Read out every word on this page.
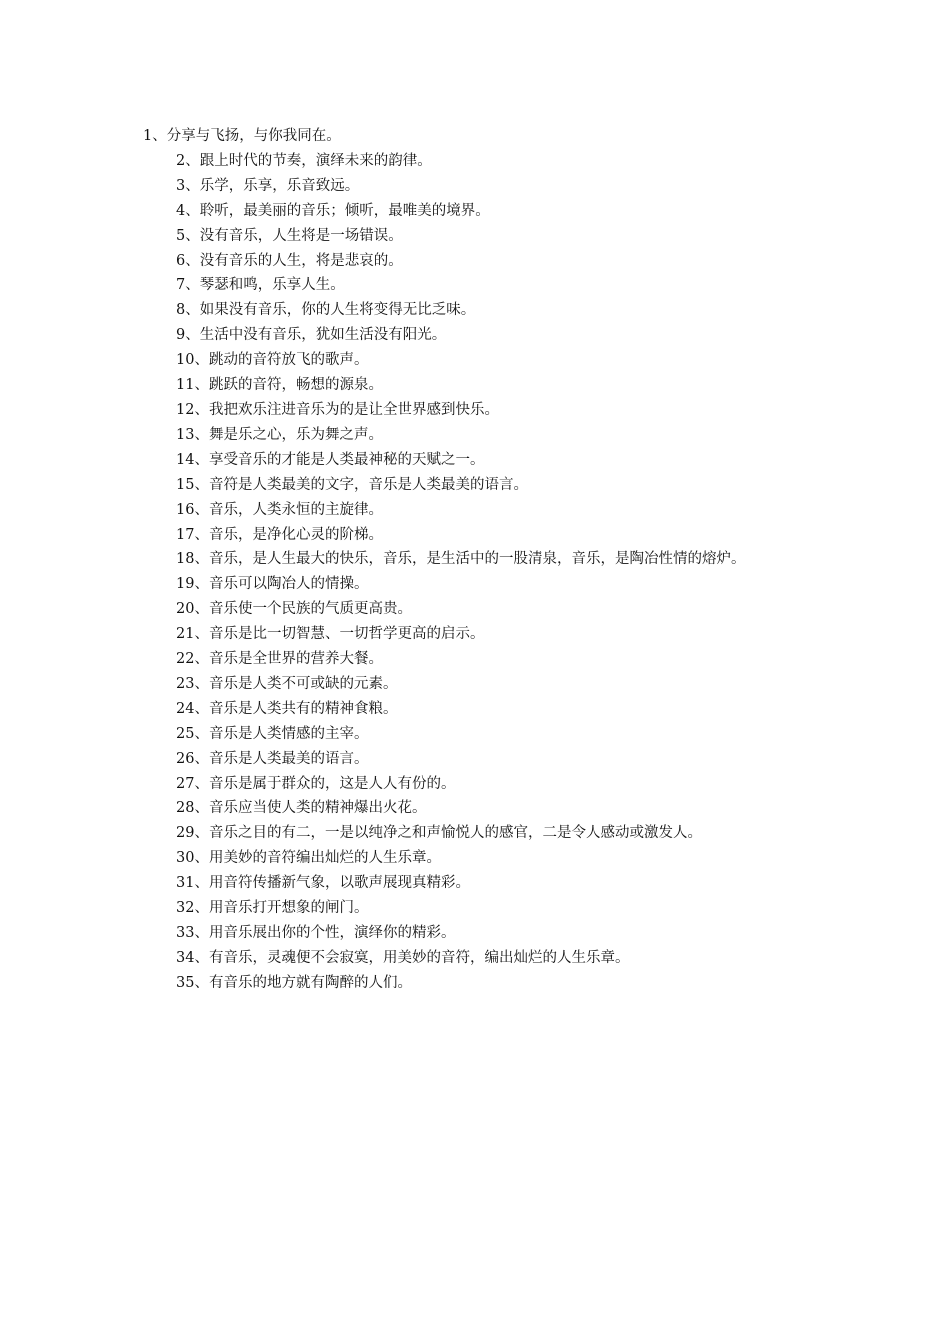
1、分享与飞扬，与你我同在。
2、跟上时代的节奏，演绎未来的韵律。
3、乐学，乐享，乐音致远。
4、聆听，最美丽的音乐；倾听，最唯美的境界。
5、没有音乐，人生将是一场错误。
6、没有音乐的人生，将是悲哀的。
7、琴瑟和鸣，乐享人生。
8、如果没有音乐，你的人生将变得无比乏味。
9、生活中没有音乐，犹如生活没有阳光。
10、跳动的音符放飞的歌声。
11、跳跃的音符，畅想的源泉。
12、我把欢乐注进音乐为的是让全世界感到快乐。
13、舞是乐之心，乐为舞之声。
14、享受音乐的才能是人类最神秘的天赋之一。
15、音符是人类最美的文字，音乐是人类最美的语言。
16、音乐，人类永恒的主旋律。
17、音乐，是净化心灵的阶梯。
18、音乐，是人生最大的快乐，音乐，是生活中的一股清泉，音乐，是陶冶性情的熔炉。
19、音乐可以陶冶人的情操。
20、音乐使一个民族的气质更高贵。
21、音乐是比一切智慧、一切哲学更高的启示。
22、音乐是全世界的营养大餐。
23、音乐是人类不可或缺的元素。
24、音乐是人类共有的精神食粮。
25、音乐是人类情感的主宰。
26、音乐是人类最美的语言。
27、音乐是属于群众的，这是人人有份的。
28、音乐应当使人类的精神爆出火花。
29、音乐之目的有二，一是以纯净之和声愉悦人的感官，二是令人感动或激发人。
30、用美妙的音符编出灿烂的人生乐章。
31、用音符传播新气象，以歌声展现真精彩。
32、用音乐打开想象的闸门。
33、用音乐展出你的个性，演绎你的精彩。
34、有音乐，灵魂便不会寂寞，用美妙的音符，编出灿烂的人生乐章。
35、有音乐的地方就有陶醉的人们。
